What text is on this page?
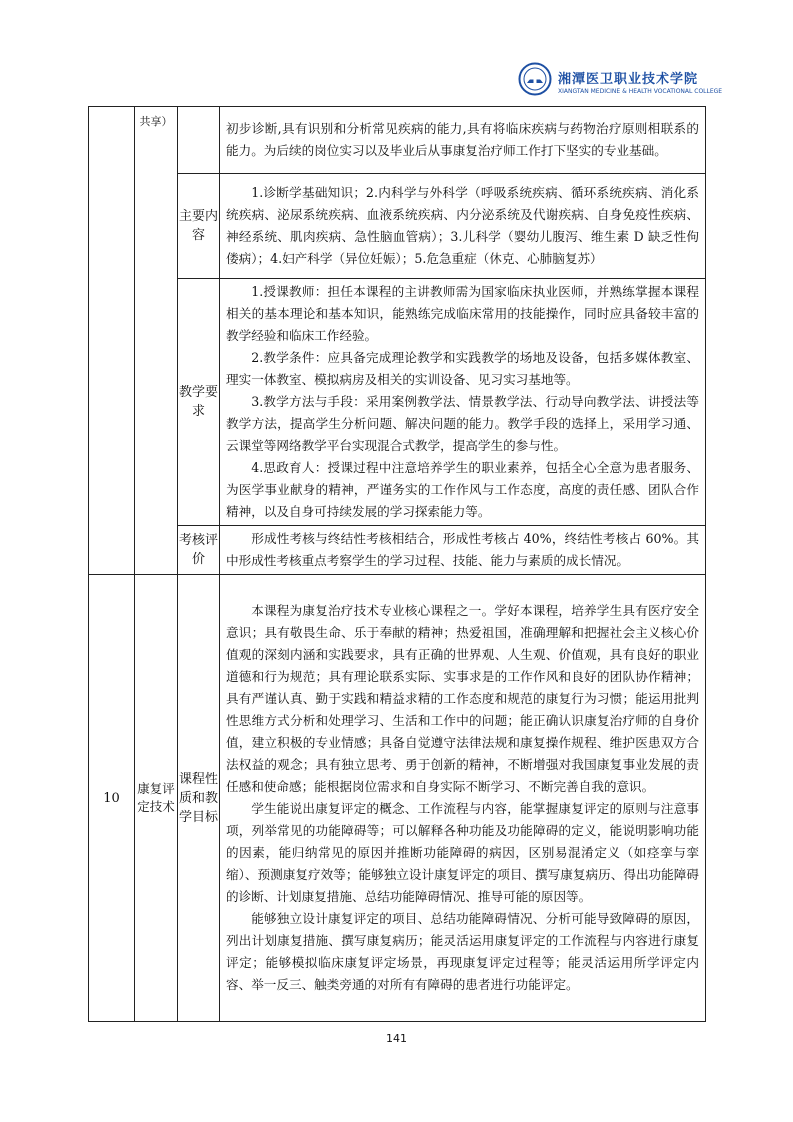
湘潭医卫职业技术学院
XIANGTAN MEDICINE & HEALTH VOCATIONAL COLLEGE
	共享）		初步诊断,具有识别和分析常见疾病的能力,具有将临床疾病与药物治疗原则相联系的能力。为后续的岗位实习以及毕业后从事康复治疗师工作打下坚实的专业基础。

		主要内容	1.诊断学基础知识；2.内科学与外科学（呼吸系统疾病、循环系统疾病、消化系统疾病、泌尿系统疾病、血液系统疾病、内分泌系统及代谢疾病、自身免疫性疾病、神经系统、肌肉疾病、急性脑血管病）；3.儿科学（婴幼儿腹泻、维生素 D 缺乏性佝偻病）；4.妇产科学（异位妊娠）；5.危急重症（休克、心肺脑复苏）

		教学要求	1.授课教师：担任本课程的主讲教师需为国家临床执业医师，并熟练掌握本课程相关的基本理论和基本知识，能熟练完成临床常用的技能操作，同时应具备较丰富的教学经验和临床工作经验。

2.教学条件：应具备完成理论教学和实践教学的场地及设备，包括多媒体教室、理实一体教室、模拟病房及相关的实训设备、见习实习基地等。

3.教学方法与手段：采用案例教学法、情景教学法、行动导向教学法、讲授法等教学方法，提高学生分析问题、解决问题的能力。教学手段的选择上，采用学习通、云课堂等网络教学平台实现混合式教学，提高学生的参与性。

4.思政育人：授课过程中注意培养学生的职业素养，包括全心全意为患者服务、为医学事业献身的精神，严谨务实的工作作风与工作态度，高度的责任感、团队合作精神，以及自身可持续发展的学习探索能力等。

		考核评价	形成性考核与终结性考核相结合，形成性考核占 40%，终结性考核占 60%。其中形成性考核重点考察学生的学习过程、技能、能力与素质的成长情况。

10	康复评定技术	课程性质和教学目标	本课程为康复治疗技术专业核心课程之一。学好本课程，培养学生具有医疗安全意识；具有敬畏生命、乐于奉献的精神；热爱祖国，准确理解和把握社会主义核心价值观的深刻内涵和实践要求，具有正确的世界观、人生观、价值观，具有良好的职业道德和行为规范；具有理论联系实际、实事求是的工作作风和良好的团队协作精神；具有严谨认真、勤于实践和精益求精的工作态度和规范的康复行为习惯；能运用批判性思维方式分析和处理学习、生活和工作中的问题；能正确认识康复治疗师的自身价值，建立积极的专业情感；具备自觉遵守法律法规和康复操作规程、维护医患双方合法权益的观念；具有独立思考、勇于创新的精神，不断增强对我国康复事业发展的责任感和使命感；能根据岗位需求和自身实际不断学习、不断完善自我的意识。

学生能说出康复评定的概念、工作流程与内容，能掌握康复评定的原则与注意事项，列举常见的功能障碍等；可以解释各种功能及功能障碍的定义，能说明影响功能的因素，能归纳常见的原因并推断功能障碍的病因，区别易混淆定义（如痉挛与挛缩）、预测康复疗效等；能够独立设计康复评定的项目、撰写康复病历、得出功能障碍的诊断、计划康复措施、总结功能障碍情况、推导可能的原因等。

能够独立设计康复评定的项目、总结功能障碍情况、分析可能导致障碍的原因，列出计划康复措施、撰写康复病历；能灵活运用康复评定的工作流程与内容进行康复评定；能够模拟临床康复评定场景，再现康复评定过程等；能灵活运用所学评定内容、举一反三、触类旁通的对所有有障碍的患者进行功能评定。

141
